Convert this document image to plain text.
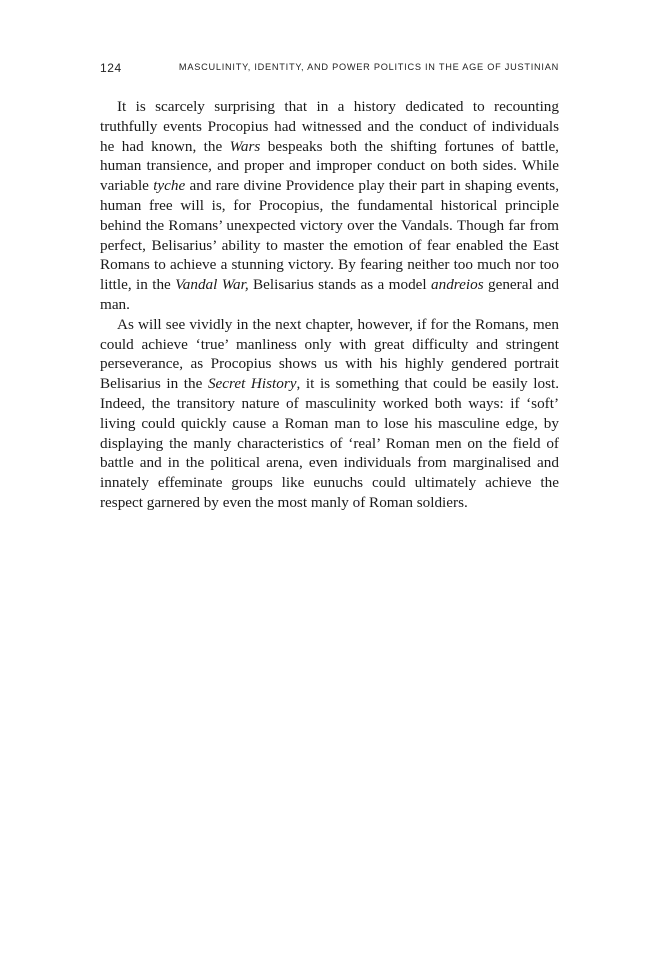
124	MASCULINITY, IDENTITY, AND POWER POLITICS IN THE AGE OF JUSTINIAN

It is scarcely surprising that in a history dedicated to recounting truthfully events Procopius had witnessed and the conduct of individuals he had known, the Wars bespeaks both the shifting fortunes of battle, human transience, and proper and improper conduct on both sides. While variable tyche and rare divine Providence play their part in shaping events, human free will is, for Procopius, the fundamental historical principle behind the Romans’ unexpected victory over the Vandals. Though far from perfect, Belisarius’ ability to master the emotion of fear enabled the East Romans to achieve a stunning victory. By fearing neither too much nor too little, in the Vandal War, Belisarius stands as a model andreios general and man.

As will see vividly in the next chapter, however, if for the Romans, men could achieve ‘true’ manliness only with great difficulty and stringent perseverance, as Procopius shows us with his highly gendered portrait Belisarius in the Secret History, it is something that could be easily lost. Indeed, the transitory nature of masculinity worked both ways: if ‘soft’ living could quickly cause a Roman man to lose his masculine edge, by displaying the manly characteristics of ‘real’ Roman men on the field of battle and in the political arena, even individuals from marginalised and innately effeminate groups like eunuchs could ultimately achieve the respect garnered by even the most manly of Roman soldiers.
